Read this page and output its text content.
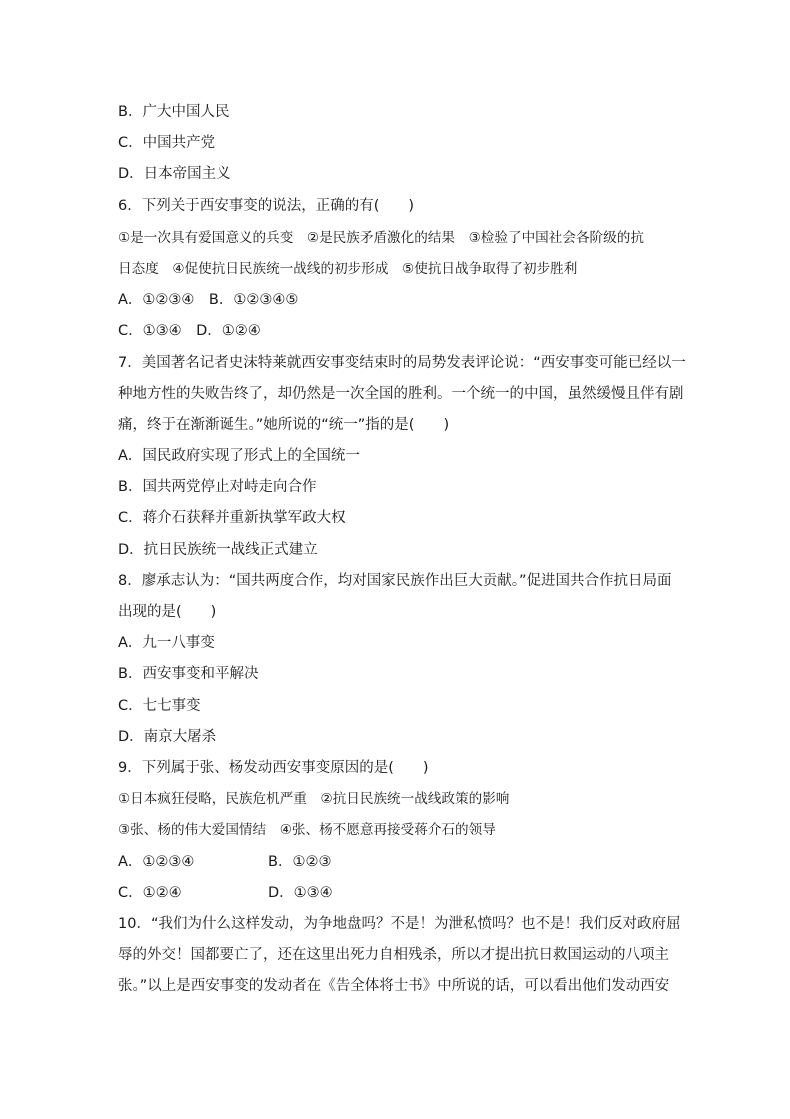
B．广大中国人民
C．中国共产党
D．日本帝国主义
6．下列关于西安事变的说法，正确的有(　　)
①是一次具有爱国意义的兵变　②是民族矛盾激化的结果　③检验了中国社会各阶级的抗
日态度　④促使抗日民族统一战线的初步形成　⑤使抗日战争取得了初步胜利
A．①②③④　B．①②③④⑤
C．①③④　D．①②④
7．美国著名记者史沫特莱就西安事变结束时的局势发表评论说：“西安事变可能已经以一
种地方性的失败告终了，却仍然是一次全国的胜利。一个统一的中国，虽然缓慢且伴有剧
痛，终于在渐渐诞生。”她所说的“统一”指的是(　　)
A．国民政府实现了形式上的全国统一
B．国共两党停止对峙走向合作
C．蒋介石获释并重新执掌军政大权
D．抗日民族统一战线正式建立
8．廖承志认为：“国共两度合作，均对国家民族作出巨大贡献。”促进国共合作抗日局面
出现的是(　　)
A．九一八事变
B．西安事变和平解决
C．七七事变
D．南京大屠杀
9．下列属于张、杨发动西安事变原因的是(　　)
①日本疯狂侵略，民族危机严重　②抗日民族统一战线政策的影响
③张、杨的伟大爱国情结　④张、杨不愿意再接受蒋介石的领导
A．①②③④	B．①②③
C．①②④	D．①③④
10．“我们为什么这样发动，为争地盘吗？不是！为泄私愤吗？也不是！我们反对政府屈
辱的外交！国都要亡了，还在这里出死力自相残杀，所以才提出抗日救国运动的八项主
张。”以上是西安事变的发动者在《告全体将士书》中所说的话，可以看出他们发动西安
